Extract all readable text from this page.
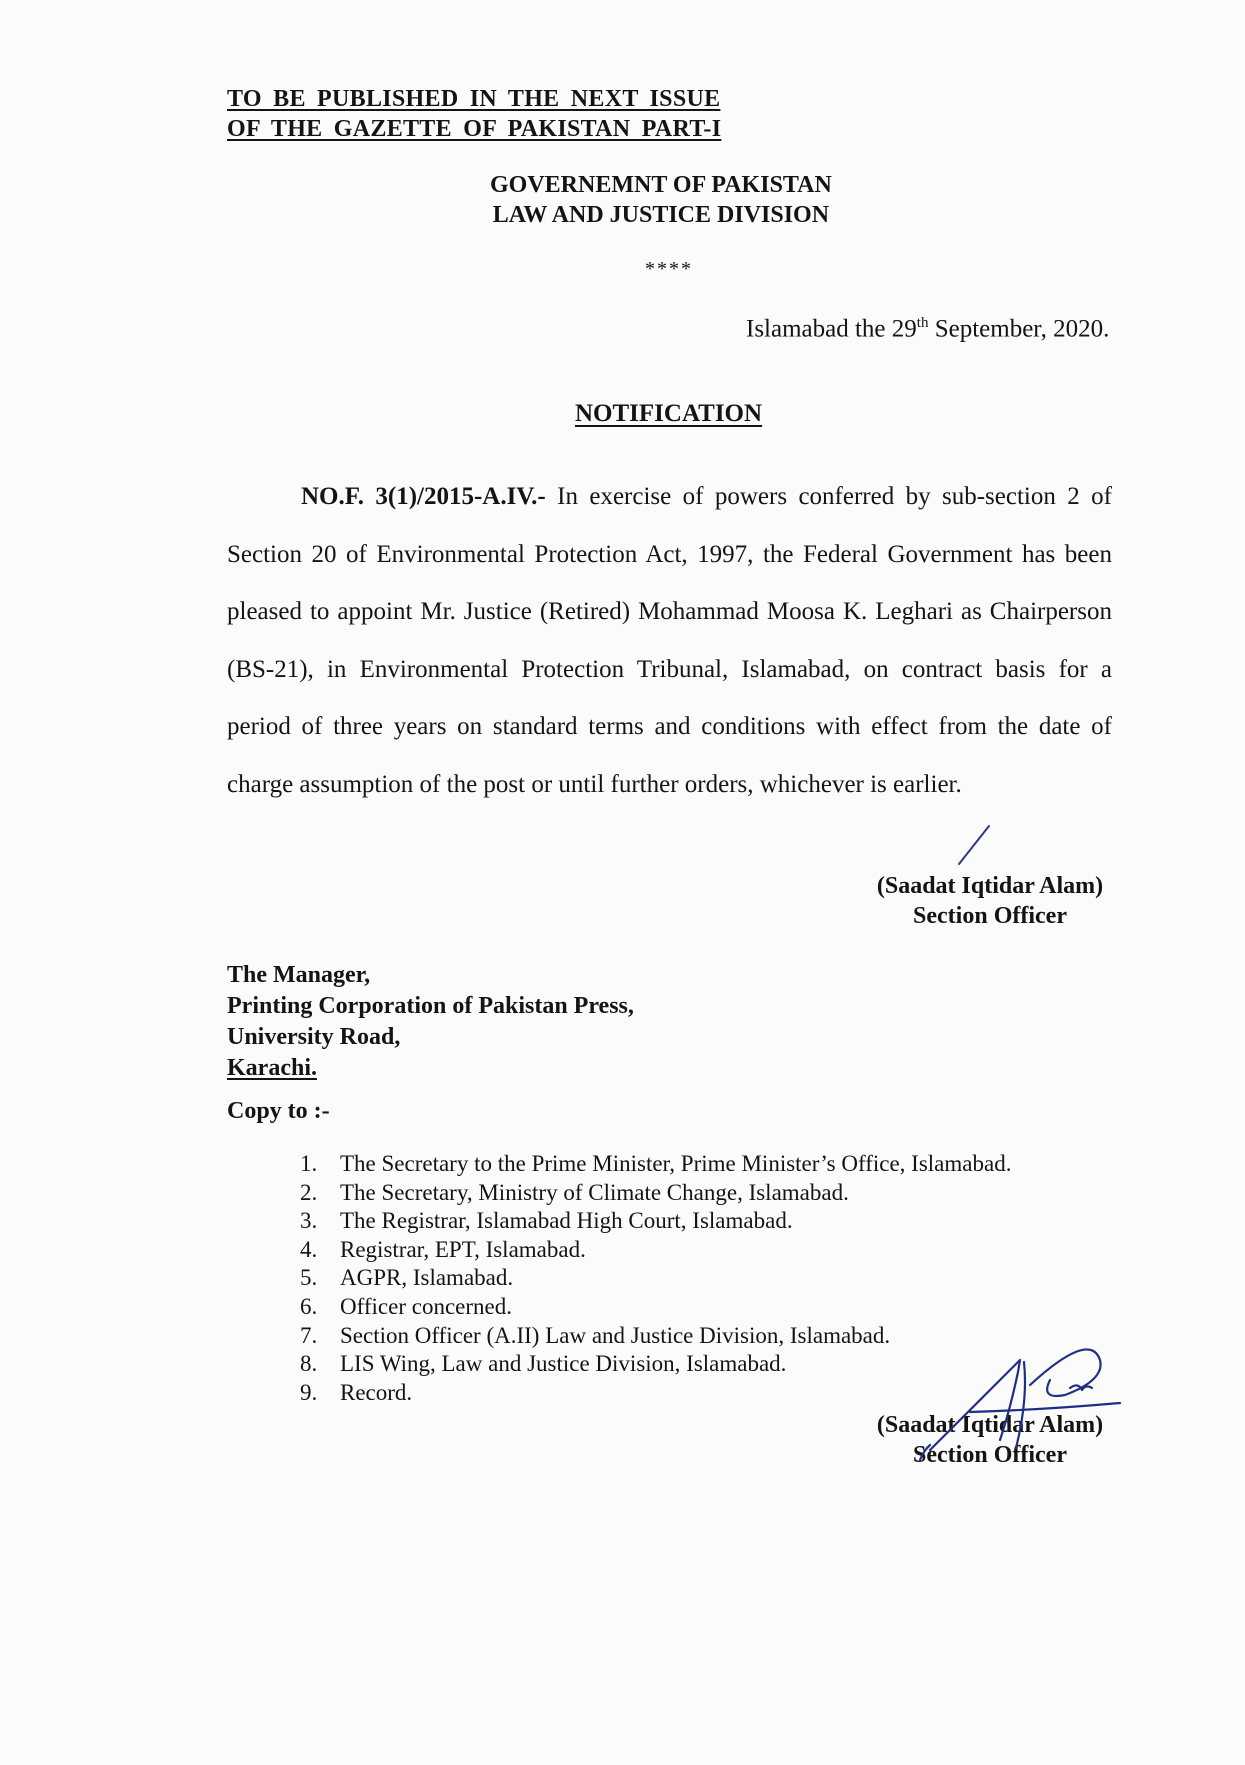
TO BE PUBLISHED IN THE NEXT ISSUE
OF THE GAZETTE OF PAKISTAN PART-I
GOVERNEMNT OF PAKISTAN
LAW AND JUSTICE DIVISION
****
Islamabad the 29th September, 2020.
NOTIFICATION
NO.F. 3(1)/2015-A.IV.- In exercise of powers conferred by sub-section 2 of Section 20 of Environmental Protection Act, 1997, the Federal Government has been pleased to appoint Mr. Justice (Retired) Mohammad Moosa K. Leghari as Chairperson (BS-21), in Environmental Protection Tribunal, Islamabad, on contract basis for a period of three years on standard terms and conditions with effect from the date of charge assumption of the post or until further orders, whichever is earlier.
(Saadat Iqtidar Alam)
Section Officer
The Manager,
Printing Corporation of Pakistan Press,
University Road,
Karachi.
Copy to :-
1. The Secretary to the Prime Minister, Prime Minister’s Office, Islamabad.
2. The Secretary, Ministry of Climate Change, Islamabad.
3. The Registrar, Islamabad High Court, Islamabad.
4. Registrar, EPT, Islamabad.
5. AGPR, Islamabad.
6. Officer concerned.
7. Section Officer (A.II) Law and Justice Division, Islamabad.
8. LIS Wing, Law and Justice Division, Islamabad.
9. Record.
(Saadat Iqtidar Alam)
Section Officer
